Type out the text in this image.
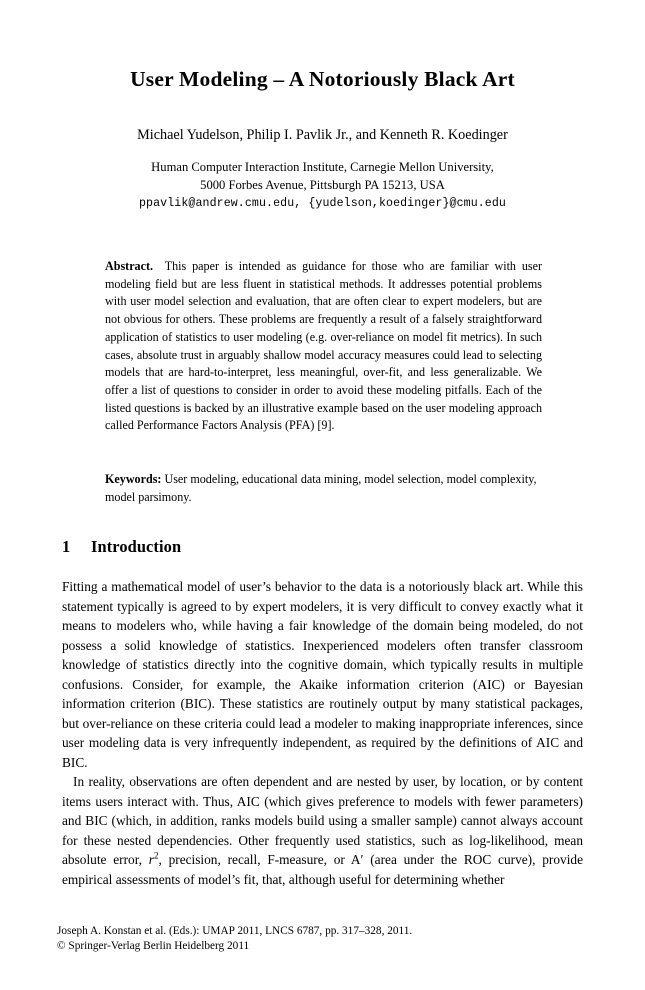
User Modeling – A Notoriously Black Art
Michael Yudelson, Philip I. Pavlik Jr., and Kenneth R. Koedinger
Human Computer Interaction Institute, Carnegie Mellon University,
5000 Forbes Avenue, Pittsburgh PA 15213, USA
ppavlik@andrew.cmu.edu, {yudelson,koedinger}@cmu.edu
Abstract. This paper is intended as guidance for those who are familiar with user modeling field but are less fluent in statistical methods. It addresses potential problems with user model selection and evaluation, that are often clear to expert modelers, but are not obvious for others. These problems are frequently a result of a falsely straightforward application of statistics to user modeling (e.g. over-reliance on model fit metrics). In such cases, absolute trust in arguably shallow model accuracy measures could lead to selecting models that are hard-to-interpret, less meaningful, over-fit, and less generalizable. We offer a list of questions to consider in order to avoid these modeling pitfalls. Each of the listed questions is backed by an illustrative example based on the user modeling approach called Performance Factors Analysis (PFA) [9].
Keywords: User modeling, educational data mining, model selection, model complexity, model parsimony.
1 Introduction

Fitting a mathematical model of user’s behavior to the data is a notoriously black art. While this statement typically is agreed to by expert modelers, it is very difficult to convey exactly what it means to modelers who, while having a fair knowledge of the domain being modeled, do not possess a solid knowledge of statistics. Inexperienced modelers often transfer classroom knowledge of statistics directly into the cognitive domain, which typically results in multiple confusions. Consider, for example, the Akaike information criterion (AIC) or Bayesian information criterion (BIC). These statistics are routinely output by many statistical packages, but over-reliance on these criteria could lead a modeler to making inappropriate inferences, since user modeling data is very infrequently independent, as required by the definitions of AIC and BIC.

In reality, observations are often dependent and are nested by user, by location, or by content items users interact with. Thus, AIC (which gives preference to models with fewer parameters) and BIC (which, in addition, ranks models build using a smaller sample) cannot always account for these nested dependencies. Other frequently used statistics, such as log-likelihood, mean absolute error, $r^2$, precision, recall, F-measure, or A′ (area under the ROC curve), provide empirical assessments of model’s fit, that, although useful for determining whether

Joseph A. Konstan et al. (Eds.): UMAP 2011, LNCS 6787, pp. 317–328, 2011.
© Springer-Verlag Berlin Heidelberg 2011
